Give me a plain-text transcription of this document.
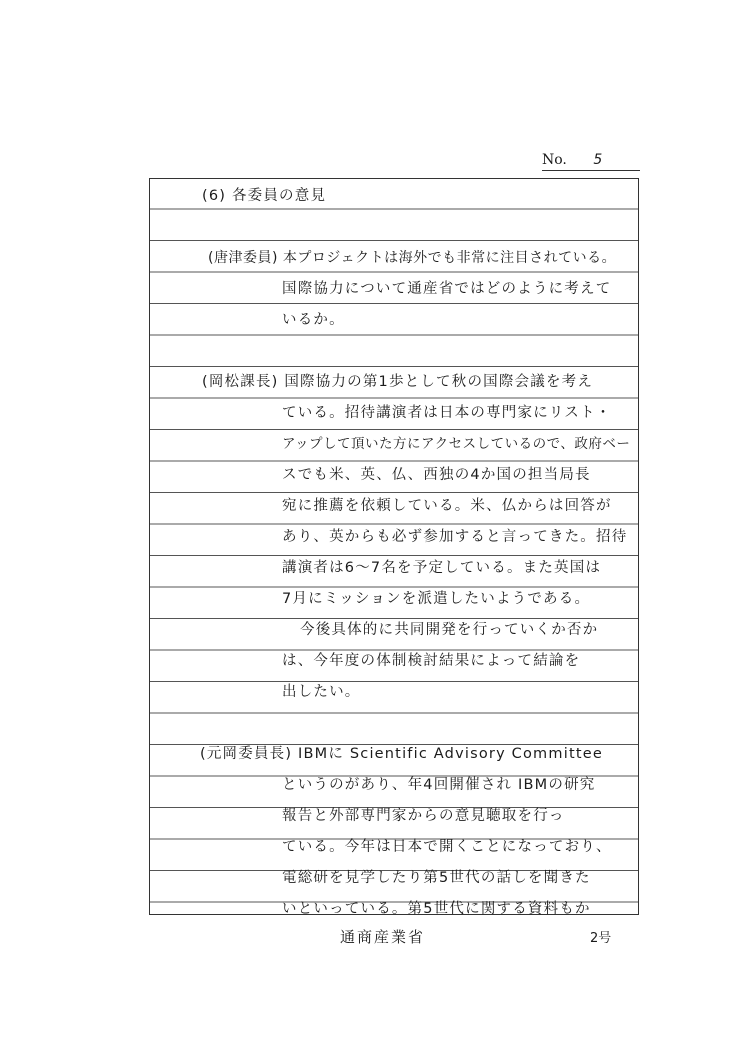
No. 5
(6) 各委員の意見
(唐津委員) 本プロジェクトは海外でも非常に注目されている。
国際協力について通産省ではどのように考えて
いるか。
(岡松課長) 国際協力の第1歩として秋の国際会議を考え
ている。招待講演者は日本の専門家にリスト・
アップして頂いた方にアクセスしているので、政府ベー
スでも米、英、仏、西独の4か国の担当局長
宛に推薦を依頼している。米、仏からは回答が
あり、英からも必ず参加すると言ってきた。招待
講演者は6〜7名を予定している。また英国は
7月にミッションを派遣したいようである。
今後具体的に共同開発を行っていくか否か
は、今年度の体制検討結果によって結論を
出したい。
(元岡委員長) IBMに Scientific Advisory Committee
というのがあり、年4回開催され IBMの研究
報告と外部専門家からの意見聴取を行っ
ている。今年は日本で開くことになっており、
電総研を見学したり第5世代の話しを聞きた
いといっている。第5世代に関する資料もか
通商産業省	2号
